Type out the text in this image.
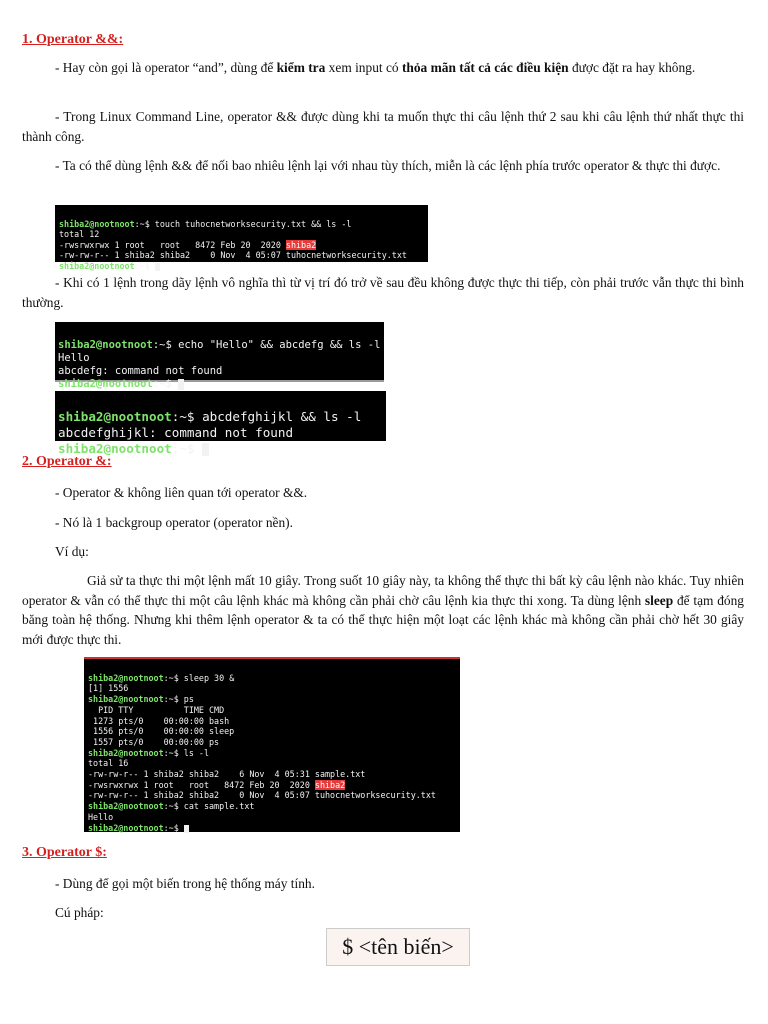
1. Operator &&:

- Hay còn gọi là operator “and”, dùng để kiểm tra xem input có thỏa mãn tất cả các điều kiện được đặt ra hay không.

- Trong Linux Command Line, operator && được dùng khi ta muốn thực thi câu lệnh thứ 2 sau khi câu lệnh thứ nhất thực thi thành công.

- Ta có thể dùng lệnh && để nối bao nhiêu lệnh lại với nhau tùy thích, miễn là các lệnh phía trước operator & thực thi được.

shiba2@nootnoot:~$ touch tuhocnetworksecurity.txt && ls -l
total 12
-rwsrwxrwx 1 root   root   8472 Feb 20  2020 shiba2
-rw-rw-r-- 1 shiba2 shiba2    0 Nov  4 05:07 tuhocnetworksecurity.txt
shiba2@nootnoot:~$

- Khi có 1 lệnh trong dãy lệnh vô nghĩa thì từ vị trí đó trở về sau đều không được thực thi tiếp, còn phải trước vẫn thực thi bình thường.

shiba2@nootnoot:~$ echo "Hello" && abcdefg && ls -l
Hello
abcdefg: command not found
shiba2@nootnoot:~$

shiba2@nootnoot:~$ abcdefghijkl && ls -l
abcdefghijkl: command not found
shiba2@nootnoot:~$

2. Operator &:

- Operator & không liên quan tới operator &&.

- Nó là 1 backgroup operator (operator nền).

Ví dụ:

Giả sử ta thực thi một lệnh mất 10 giây. Trong suốt 10 giây này, ta không thể thực thi bất kỳ câu lệnh nào khác. Tuy nhiên operator & vẫn có thể thực thi một câu lệnh khác mà không cần phải chờ câu lệnh kia thực thi xong. Ta dùng lệnh sleep để tạm đóng băng toàn hệ thống. Nhưng khi thêm lệnh operator & ta có thể thực hiện một loạt các lệnh khác mà không cần phải chờ hết 30 giây mới được thực thi.

shiba2@nootnoot:~$ sleep 30 &
[1] 1556
shiba2@nootnoot:~$ ps
PID TTY          TIME CMD
1273 pts/0    00:00:00 bash
1556 pts/0    00:00:00 sleep
1557 pts/0    00:00:00 ps
shiba2@nootnoot:~$ ls -l
total 16
-rw-rw-r-- 1 shiba2 shiba2    6 Nov  4 05:31 sample.txt
-rwsrwxrwx 1 root   root   8472 Feb 20  2020 shiba2
-rw-rw-r-- 1 shiba2 shiba2    0 Nov  4 05:07 tuhocnetworksecurity.txt
shiba2@nootnoot:~$ cat sample.txt
Hello
shiba2@nootnoot:~$

3. Operator $:

- Dùng để gọi một biến trong hệ thống máy tính.

Cú pháp:

$ <tên biến>
